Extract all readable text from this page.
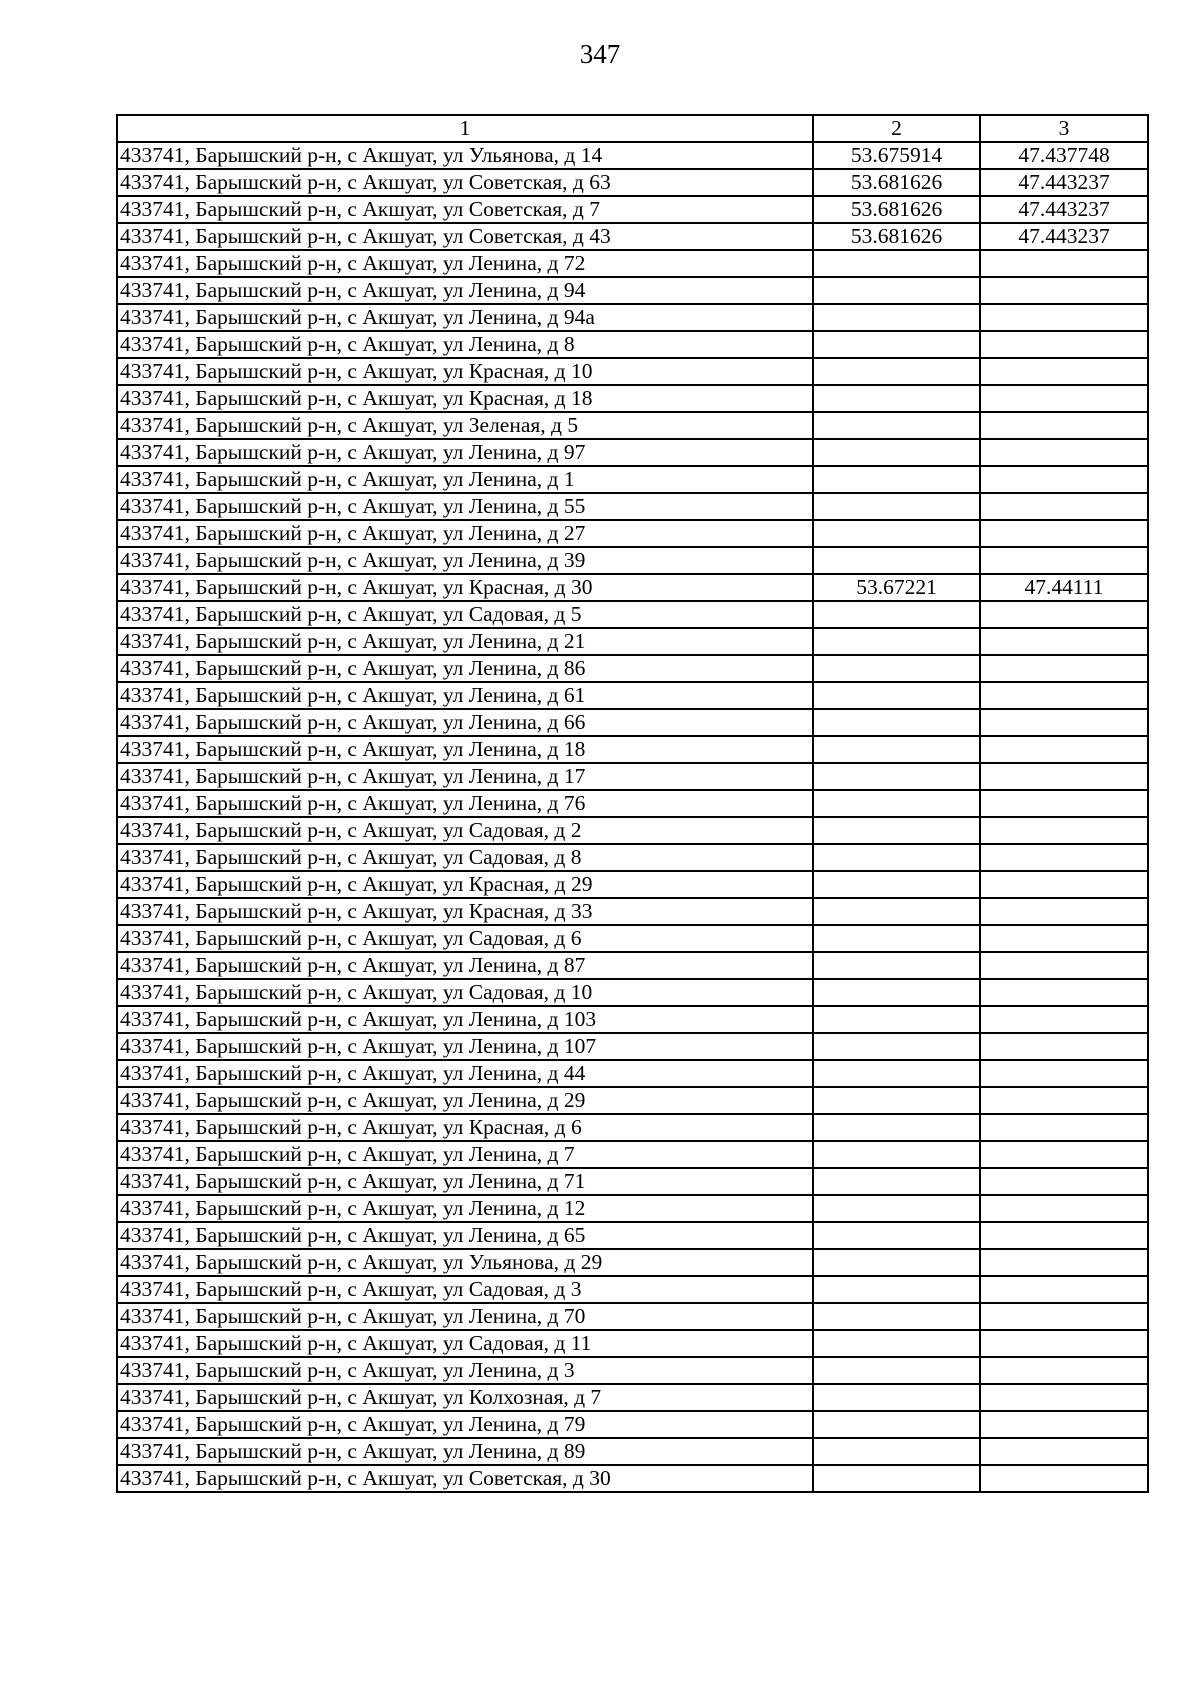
347
1	2	3
433741, Барышский р-н, с Акшуат, ул Ульянова, д 14	53.675914	47.437748
433741, Барышский р-н, с Акшуат, ул Советская, д 63	53.681626	47.443237
433741, Барышский р-н, с Акшуат, ул Советская, д 7	53.681626	47.443237
433741, Барышский р-н, с Акшуат, ул Советская, д 43	53.681626	47.443237
433741, Барышский р-н, с Акшуат, ул Ленина, д 72		
433741, Барышский р-н, с Акшуат, ул Ленина, д 94		
433741, Барышский р-н, с Акшуат, ул Ленина, д 94а		
433741, Барышский р-н, с Акшуат, ул Ленина, д 8		
433741, Барышский р-н, с Акшуат, ул Красная, д 10		
433741, Барышский р-н, с Акшуат, ул Красная, д 18		
433741, Барышский р-н, с Акшуат, ул Зеленая, д 5		
433741, Барышский р-н, с Акшуат, ул Ленина, д 97		
433741, Барышский р-н, с Акшуат, ул Ленина, д 1		
433741, Барышский р-н, с Акшуат, ул Ленина, д 55		
433741, Барышский р-н, с Акшуат, ул Ленина, д 27		
433741, Барышский р-н, с Акшуат, ул Ленина, д 39		
433741, Барышский р-н, с Акшуат, ул Красная, д 30	53.67221	47.44111
433741, Барышский р-н, с Акшуат, ул Садовая, д 5		
433741, Барышский р-н, с Акшуат, ул Ленина, д 21		
433741, Барышский р-н, с Акшуат, ул Ленина, д 86		
433741, Барышский р-н, с Акшуат, ул Ленина, д 61		
433741, Барышский р-н, с Акшуат, ул Ленина, д 66		
433741, Барышский р-н, с Акшуат, ул Ленина, д 18		
433741, Барышский р-н, с Акшуат, ул Ленина, д 17		
433741, Барышский р-н, с Акшуат, ул Ленина, д 76		
433741, Барышский р-н, с Акшуат, ул Садовая, д 2		
433741, Барышский р-н, с Акшуат, ул Садовая, д 8		
433741, Барышский р-н, с Акшуат, ул Красная, д 29		
433741, Барышский р-н, с Акшуат, ул Красная, д 33		
433741, Барышский р-н, с Акшуат, ул Садовая, д 6		
433741, Барышский р-н, с Акшуат, ул Ленина, д 87		
433741, Барышский р-н, с Акшуат, ул Садовая, д 10		
433741, Барышский р-н, с Акшуат, ул Ленина, д 103		
433741, Барышский р-н, с Акшуат, ул Ленина, д 107		
433741, Барышский р-н, с Акшуат, ул Ленина, д 44		
433741, Барышский р-н, с Акшуат, ул Ленина, д 29		
433741, Барышский р-н, с Акшуат, ул Красная, д 6		
433741, Барышский р-н, с Акшуат, ул Ленина, д 7		
433741, Барышский р-н, с Акшуат, ул Ленина, д 71		
433741, Барышский р-н, с Акшуат, ул Ленина, д 12		
433741, Барышский р-н, с Акшуат, ул Ленина, д 65		
433741, Барышский р-н, с Акшуат, ул Ульянова, д 29		
433741, Барышский р-н, с Акшуат, ул Садовая, д 3		
433741, Барышский р-н, с Акшуат, ул Ленина, д 70		
433741, Барышский р-н, с Акшуат, ул Садовая, д 11		
433741, Барышский р-н, с Акшуат, ул Ленина, д 3		
433741, Барышский р-н, с Акшуат, ул Колхозная, д 7		
433741, Барышский р-н, с Акшуат, ул Ленина, д 79		
433741, Барышский р-н, с Акшуат, ул Ленина, д 89		
433741, Барышский р-н, с Акшуат, ул Советская, д 30		
